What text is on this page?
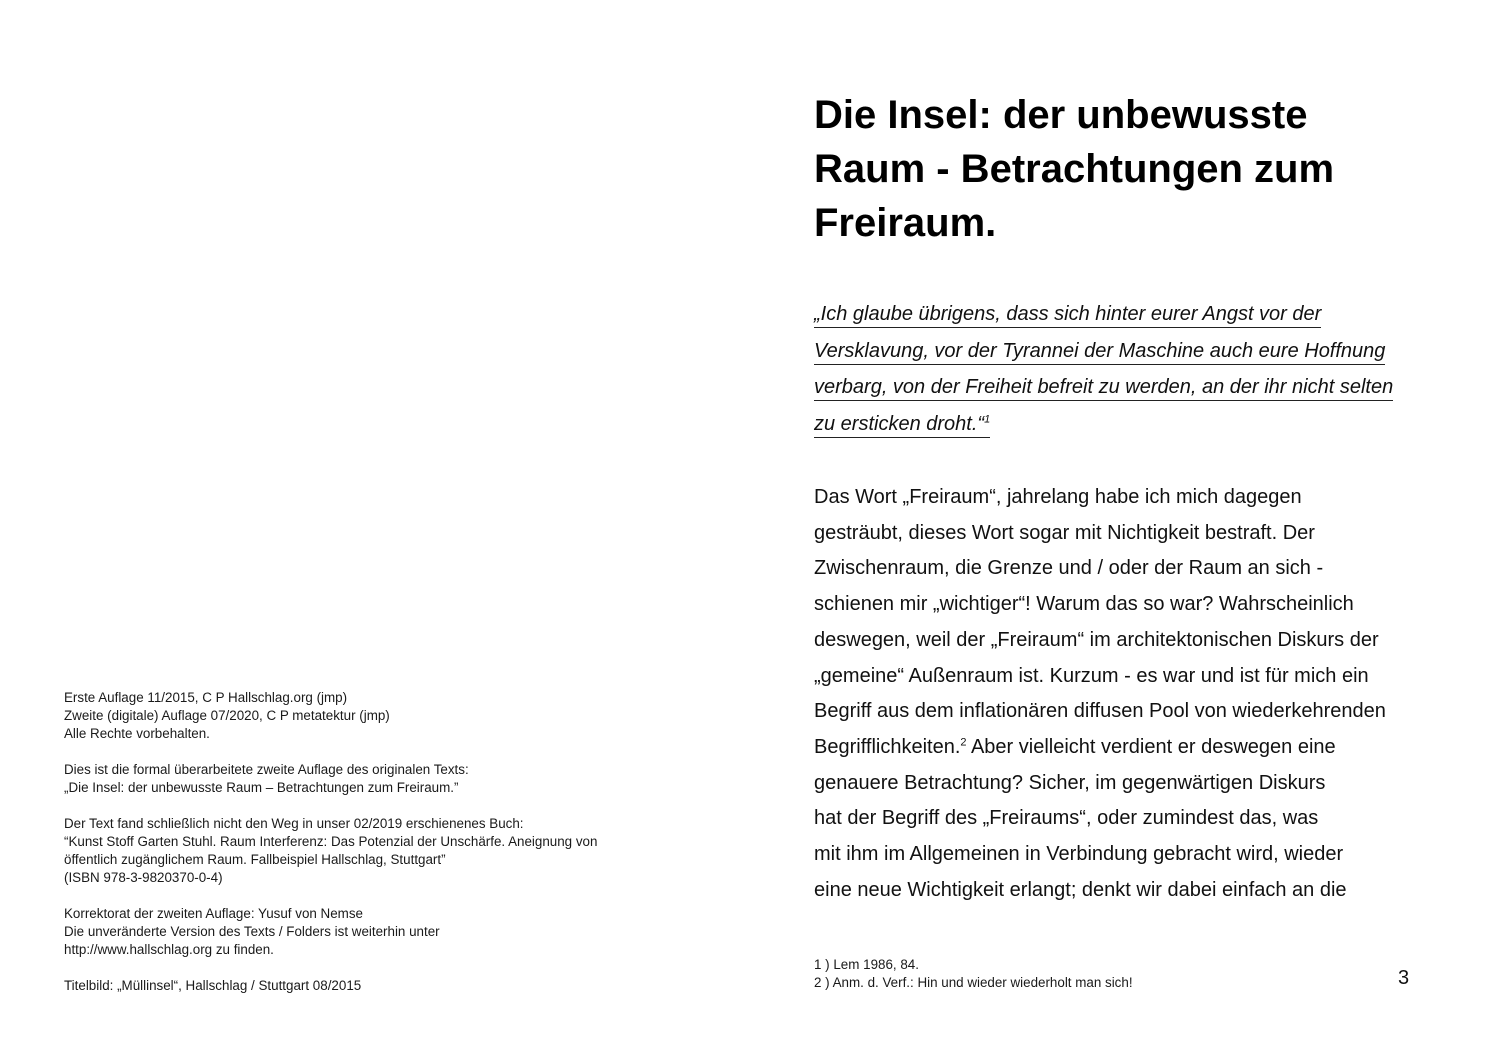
Erste Auflage 11/2015, C P Hallschlag.org (jmp)
Zweite (digitale) Auflage 07/2020, C P metatektur (jmp)
Alle Rechte vorbehalten.
Dies ist die formal überarbeitete zweite Auflage des originalen Texts:
„Die Insel: der unbewusste Raum – Betrachtungen zum Freiraum.”
Der Text fand schließlich nicht den Weg in unser 02/2019 erschienenes Buch:
“Kunst Stoff Garten Stuhl. Raum Interferenz: Das Potenzial der Unschärfe. Aneignung von
öffentlich zugänglichem Raum. Fallbeispiel Hallschlag, Stuttgart”
(ISBN 978-3-9820370-0-4)
Korrektorat der zweiten Auflage: Yusuf von Nemse
Die unveränderte Version des Texts / Folders ist weiterhin unter
http://www.hallschlag.org zu finden.
Titelbild: „Müllinsel“, Hallschlag / Stuttgart 08/2015
Die Insel: der unbewusste
Raum - Betrachtungen zum
Freiraum.
„Ich glaube übrigens, dass sich hinter eurer Angst vor der
Versklavung, vor der Tyrannei der Maschine auch eure Hoffnung
verbarg, von der Freiheit befreit zu werden, an der ihr nicht selten
zu ersticken droht.“$^1$
Das Wort „Freiraum“, jahrelang habe ich mich dagegen
gesträubt, dieses Wort sogar mit Nichtigkeit bestraft. Der
Zwischenraum, die Grenze und / oder der Raum an sich -
schienen mir „wichtiger“! Warum das so war? Wahrscheinlich
deswegen, weil der „Freiraum“ im architektonischen Diskurs der
„gemeine“ Außenraum ist. Kurzum - es war und ist für mich ein
Begriff aus dem inflationären diffusen Pool von wiederkehrenden
Begrifflichkeiten.$^2$ Aber vielleicht verdient er deswegen eine
genauere Betrachtung? Sicher, im gegenwärtigen Diskurs
hat der Begriff des „Freiraums“, oder zumindest das, was
mit ihm im Allgemeinen in Verbindung gebracht wird, wieder
eine neue Wichtigkeit erlangt; denkt wir dabei einfach an die
1 ) Lem 1986, 84.
2 ) Anm. d. Verf.: Hin und wieder wiederholt man sich!	3
